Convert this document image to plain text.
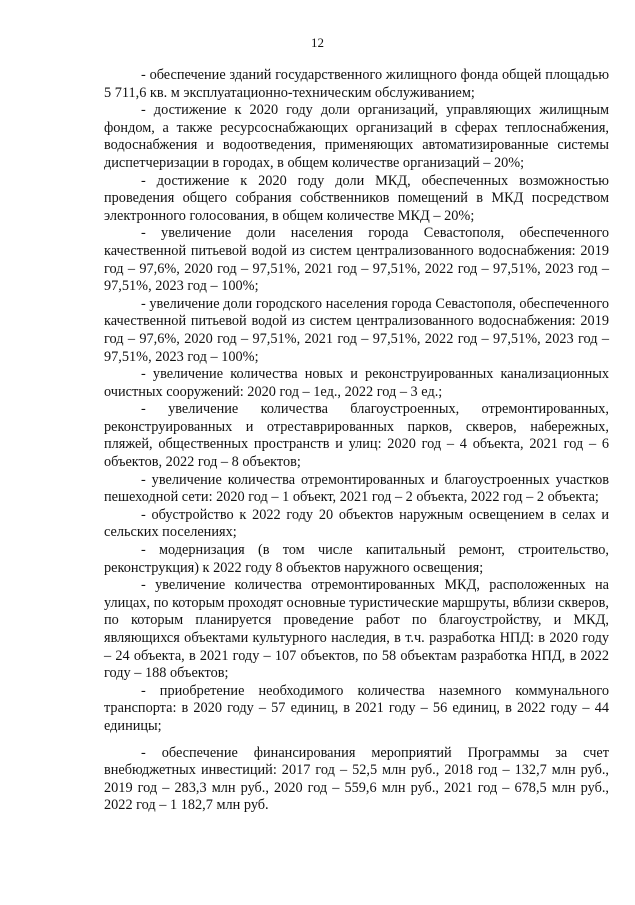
12

- обеспечение зданий государственного жилищного фонда общей площадью 5 711,6 кв. м эксплуатационно-техническим обслуживанием;

- достижение к 2020 году доли организаций, управляющих жилищным фондом, а также ресурсоснабжающих организаций в сферах теплоснабжения, водоснабжения и водоотведения, применяющих автоматизированные системы диспетчеризации в городах, в общем количестве организаций – 20%;

- достижение к 2020 году доли МКД, обеспеченных возможностью проведения общего собрания собственников помещений в МКД посредством электронного голосования, в общем количестве МКД – 20%;

- увеличение доли населения города Севастополя, обеспеченного качественной питьевой водой из систем централизованного водоснабжения: 2019 год – 97,6%, 2020 год – 97,51%, 2021 год – 97,51%, 2022 год – 97,51%, 2023 год – 97,51%, 2023 год – 100%;

- увеличение доли городского населения города Севастополя, обеспеченного качественной питьевой водой из систем централизованного водоснабжения: 2019 год – 97,6%, 2020 год – 97,51%, 2021 год – 97,51%, 2022 год – 97,51%, 2023 год – 97,51%, 2023 год – 100%;

- увеличение количества новых и реконструированных канализационных очистных сооружений: 2020 год – 1ед., 2022 год – 3 ед.;

- увеличение количества благоустроенных, отремонтированных, реконструированных и отреставрированных парков, скверов, набережных, пляжей, общественных пространств и улиц: 2020 год – 4 объекта, 2021 год – 6 объектов, 2022 год – 8 объектов;

- увеличение количества отремонтированных и благоустроенных участков пешеходной сети: 2020 год – 1 объект, 2021 год – 2 объекта, 2022 год – 2 объекта;

- обустройство к 2022 году 20 объектов наружным освещением в селах и сельских поселениях;

- модернизация (в том числе капитальный ремонт, строительство, реконструкция) к 2022 году 8 объектов наружного освещения;

- увеличение количества отремонтированных МКД, расположенных на улицах, по которым проходят основные туристические маршруты, вблизи скверов, по которым планируется проведение работ по благоустройству, и МКД, являющихся объектами культурного наследия, в т.ч. разработка НПД: в 2020 году – 24 объекта, в 2021 году – 107 объектов, по 58 объектам разработка НПД, в 2022 году – 188 объектов;

- приобретение необходимого количества наземного коммунального транспорта: в 2020 году – 57 единиц, в 2021 году – 56 единиц, в 2022 году – 44 единицы;

- обеспечение финансирования мероприятий Программы за счет внебюджетных инвестиций: 2017 год – 52,5 млн руб., 2018 год – 132,7 млн руб., 2019 год – 283,3 млн руб., 2020 год – 559,6 млн руб., 2021 год – 678,5 млн руб., 2022 год – 1 182,7 млн руб.
